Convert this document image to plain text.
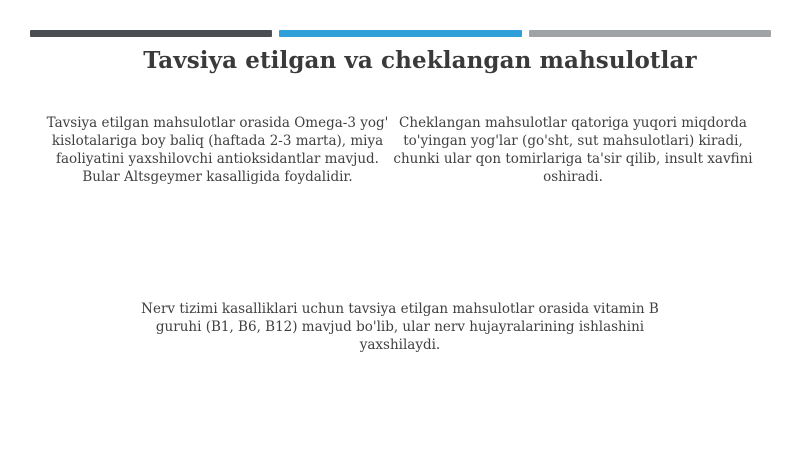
Tavsiya etilgan va cheklangan mahsulotlar
Tavsiya etilgan mahsulotlar orasida Omega-3 yog' kislotalariga boy baliq (haftada 2-3 marta), miya faoliyatini yaxshilovchi antioksidantlar mavjud. Bular Altsgeymer kasalligida foydalidir.
Cheklangan mahsulotlar qatoriga yuqori miqdorda to'yingan yog'lar (go'sht, sut mahsulotlari) kiradi, chunki ular qon tomirlariga ta'sir qilib, insult xavfini oshiradi.
Nerv tizimi kasalliklari uchun tavsiya etilgan mahsulotlar orasida vitamin B guruhi (B1, B6, B12) mavjud bo'lib, ular nerv hujayralarining ishlashini yaxshilaydi.
